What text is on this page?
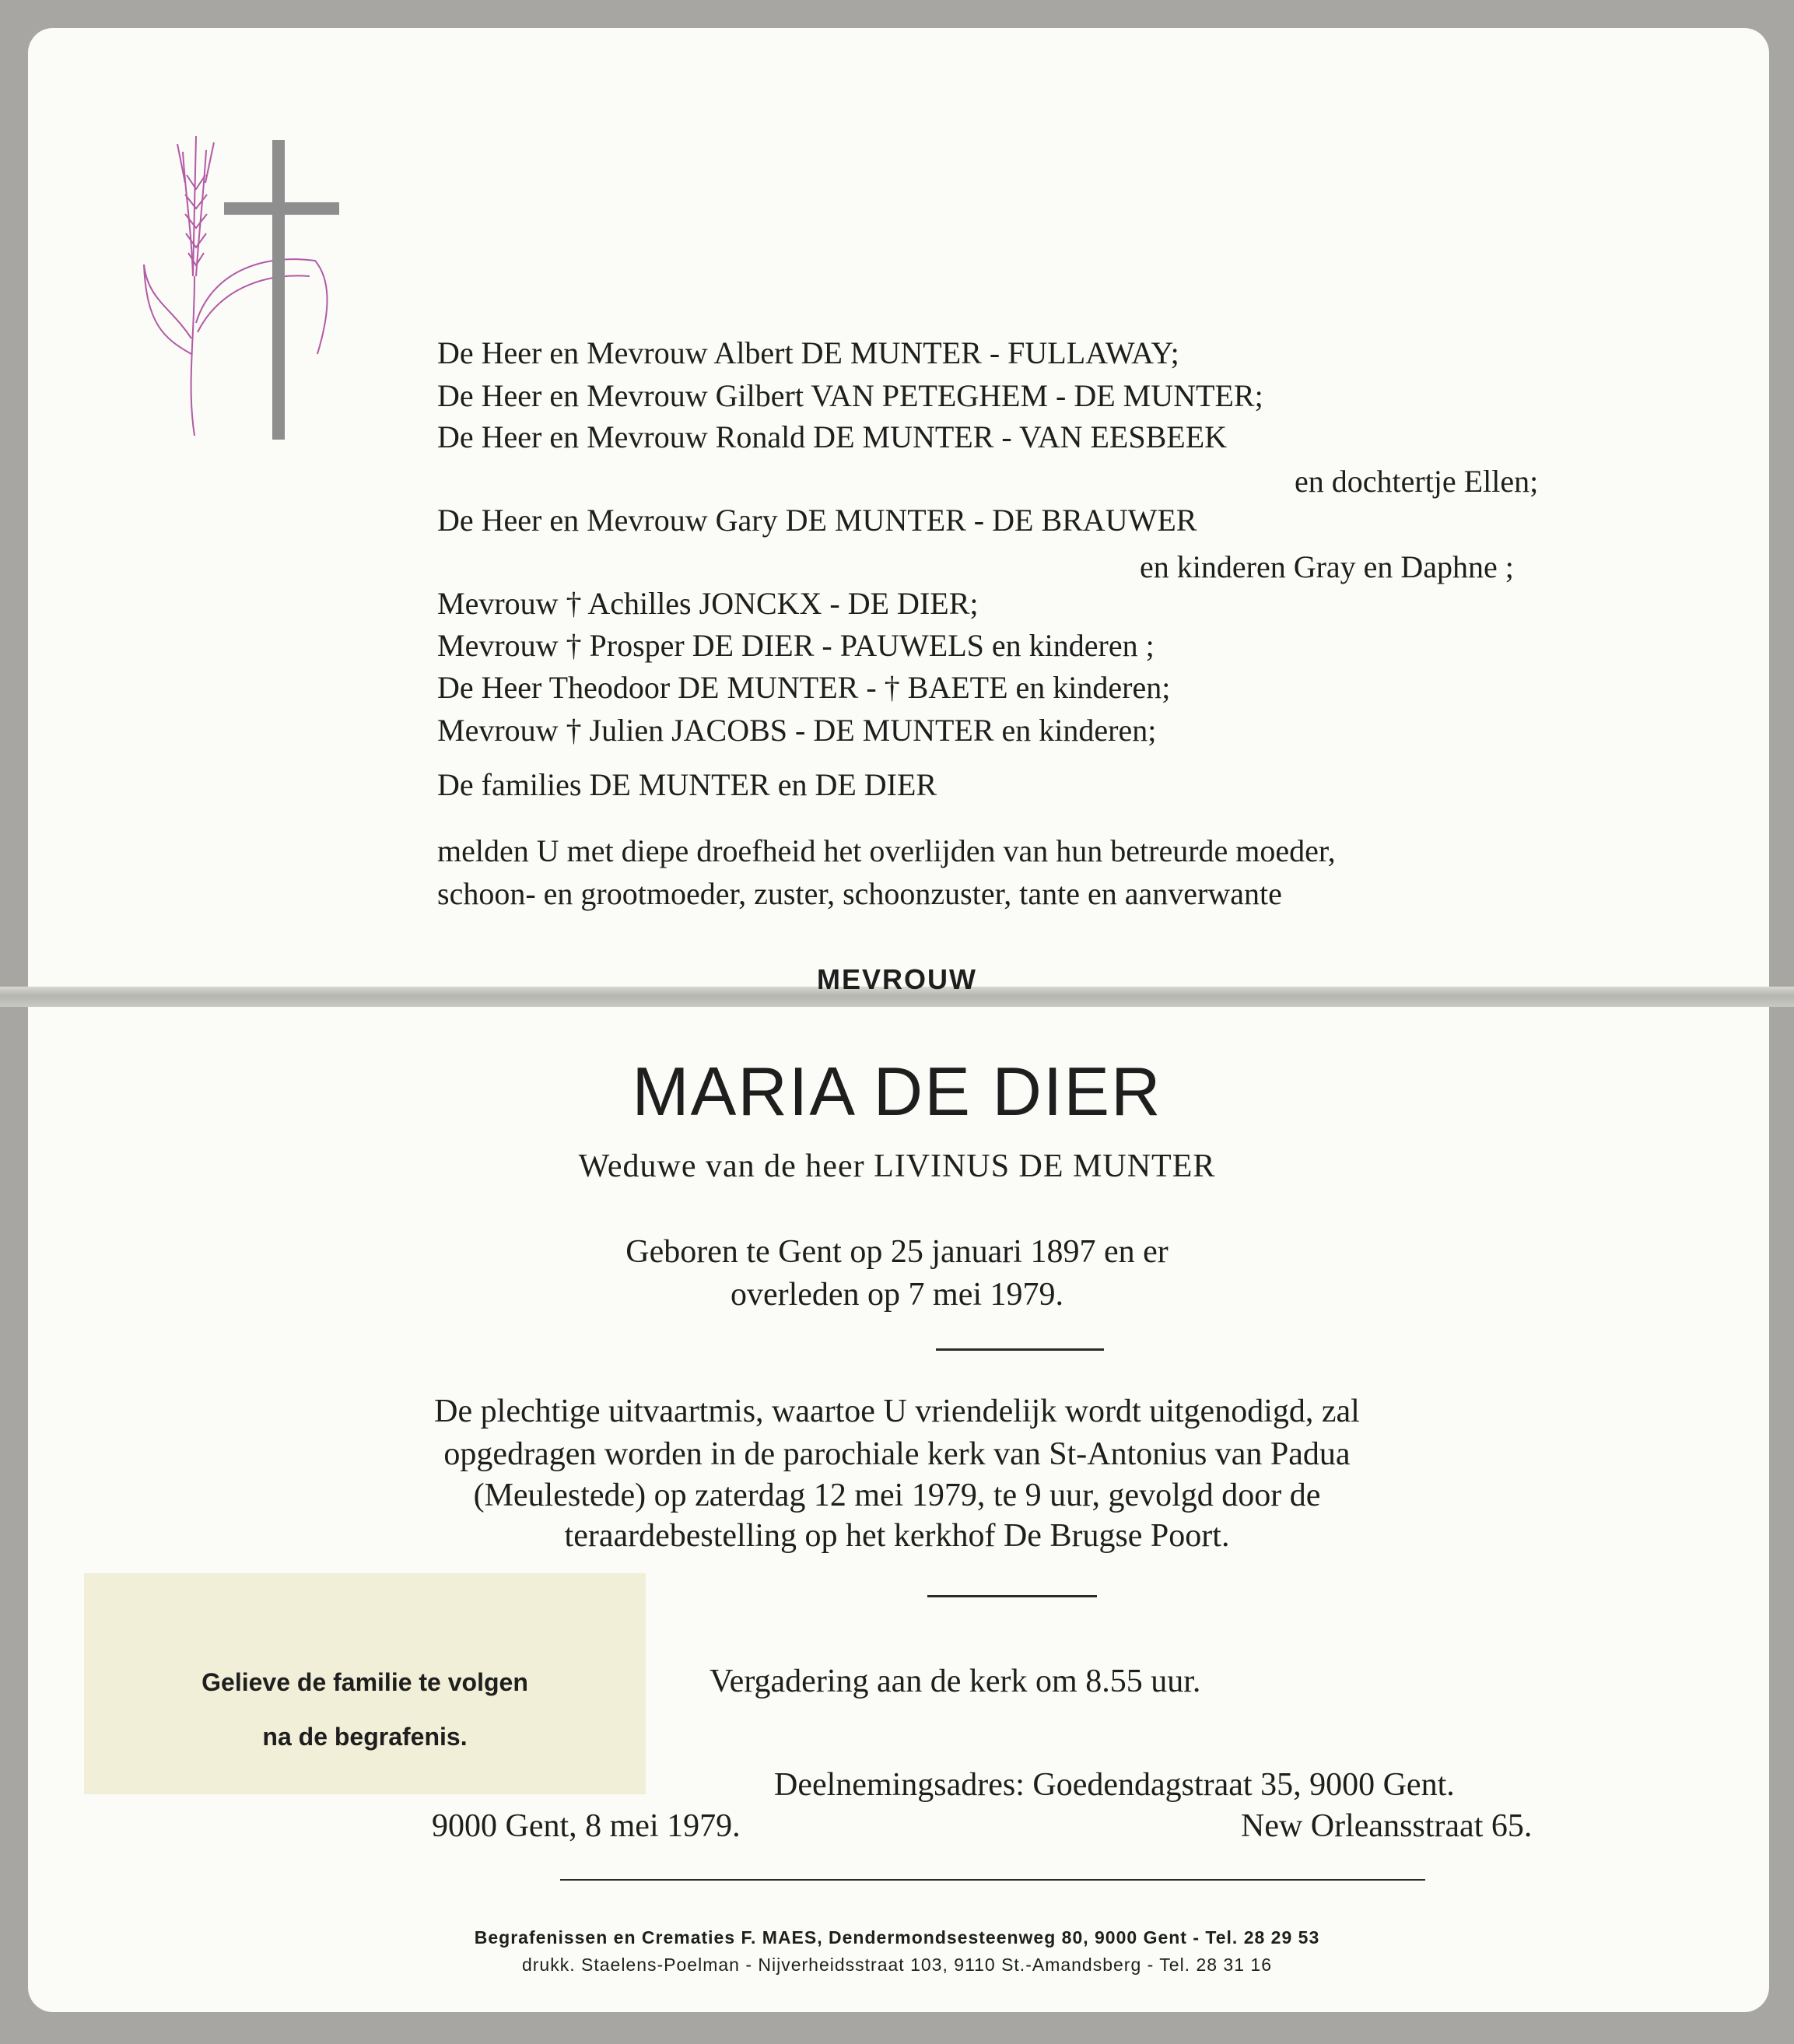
De Heer en Mevrouw Albert DE MUNTER - FULLAWAY;
De Heer en Mevrouw Gilbert VAN PETEGHEM - DE MUNTER;
De Heer en Mevrouw Ronald DE MUNTER - VAN EESBEEK
en dochtertje Ellen;
De Heer en Mevrouw Gary DE MUNTER - DE BRAUWER
en kinderen Gray en Daphne ;
Mevrouw † Achilles JONCKX - DE DIER;
Mevrouw † Prosper DE DIER - PAUWELS en kinderen ;
De Heer Theodoor DE MUNTER - † BAETE en kinderen;
Mevrouw † Julien JACOBS - DE MUNTER en kinderen;
De families DE MUNTER en DE DIER
melden U met diepe droefheid het overlijden van hun betreurde moeder,
schoon- en grootmoeder, zuster, schoonzuster, tante en aanverwante
MEVROUW
MARIA DE DIER
Weduwe van de heer LIVINUS DE MUNTER
Geboren te Gent op 25 januari 1897 en er
overleden op 7 mei 1979.
De plechtige uitvaartmis, waartoe U vriendelijk wordt uitgenodigd, zal
opgedragen worden in de parochiale kerk van St-Antonius van Padua
(Meulestede) op zaterdag 12 mei 1979, te 9 uur, gevolgd door de
teraardebestelling op het kerkhof De Brugse Poort.
Gelieve de familie te volgen
na de begrafenis.
Vergadering aan de kerk om 8.55 uur.
Deelnemingsadres: Goedendagstraat 35, 9000 Gent.
New Orleansstraat 65.
9000 Gent, 8 mei 1979.
Begrafenissen en Crematies F. MAES, Dendermondsesteenweg 80, 9000 Gent - Tel. 28 29 53
drukk. Staelens-Poelman - Nijverheidsstraat 103, 9110 St.-Amandsberg - Tel. 28 31 16
